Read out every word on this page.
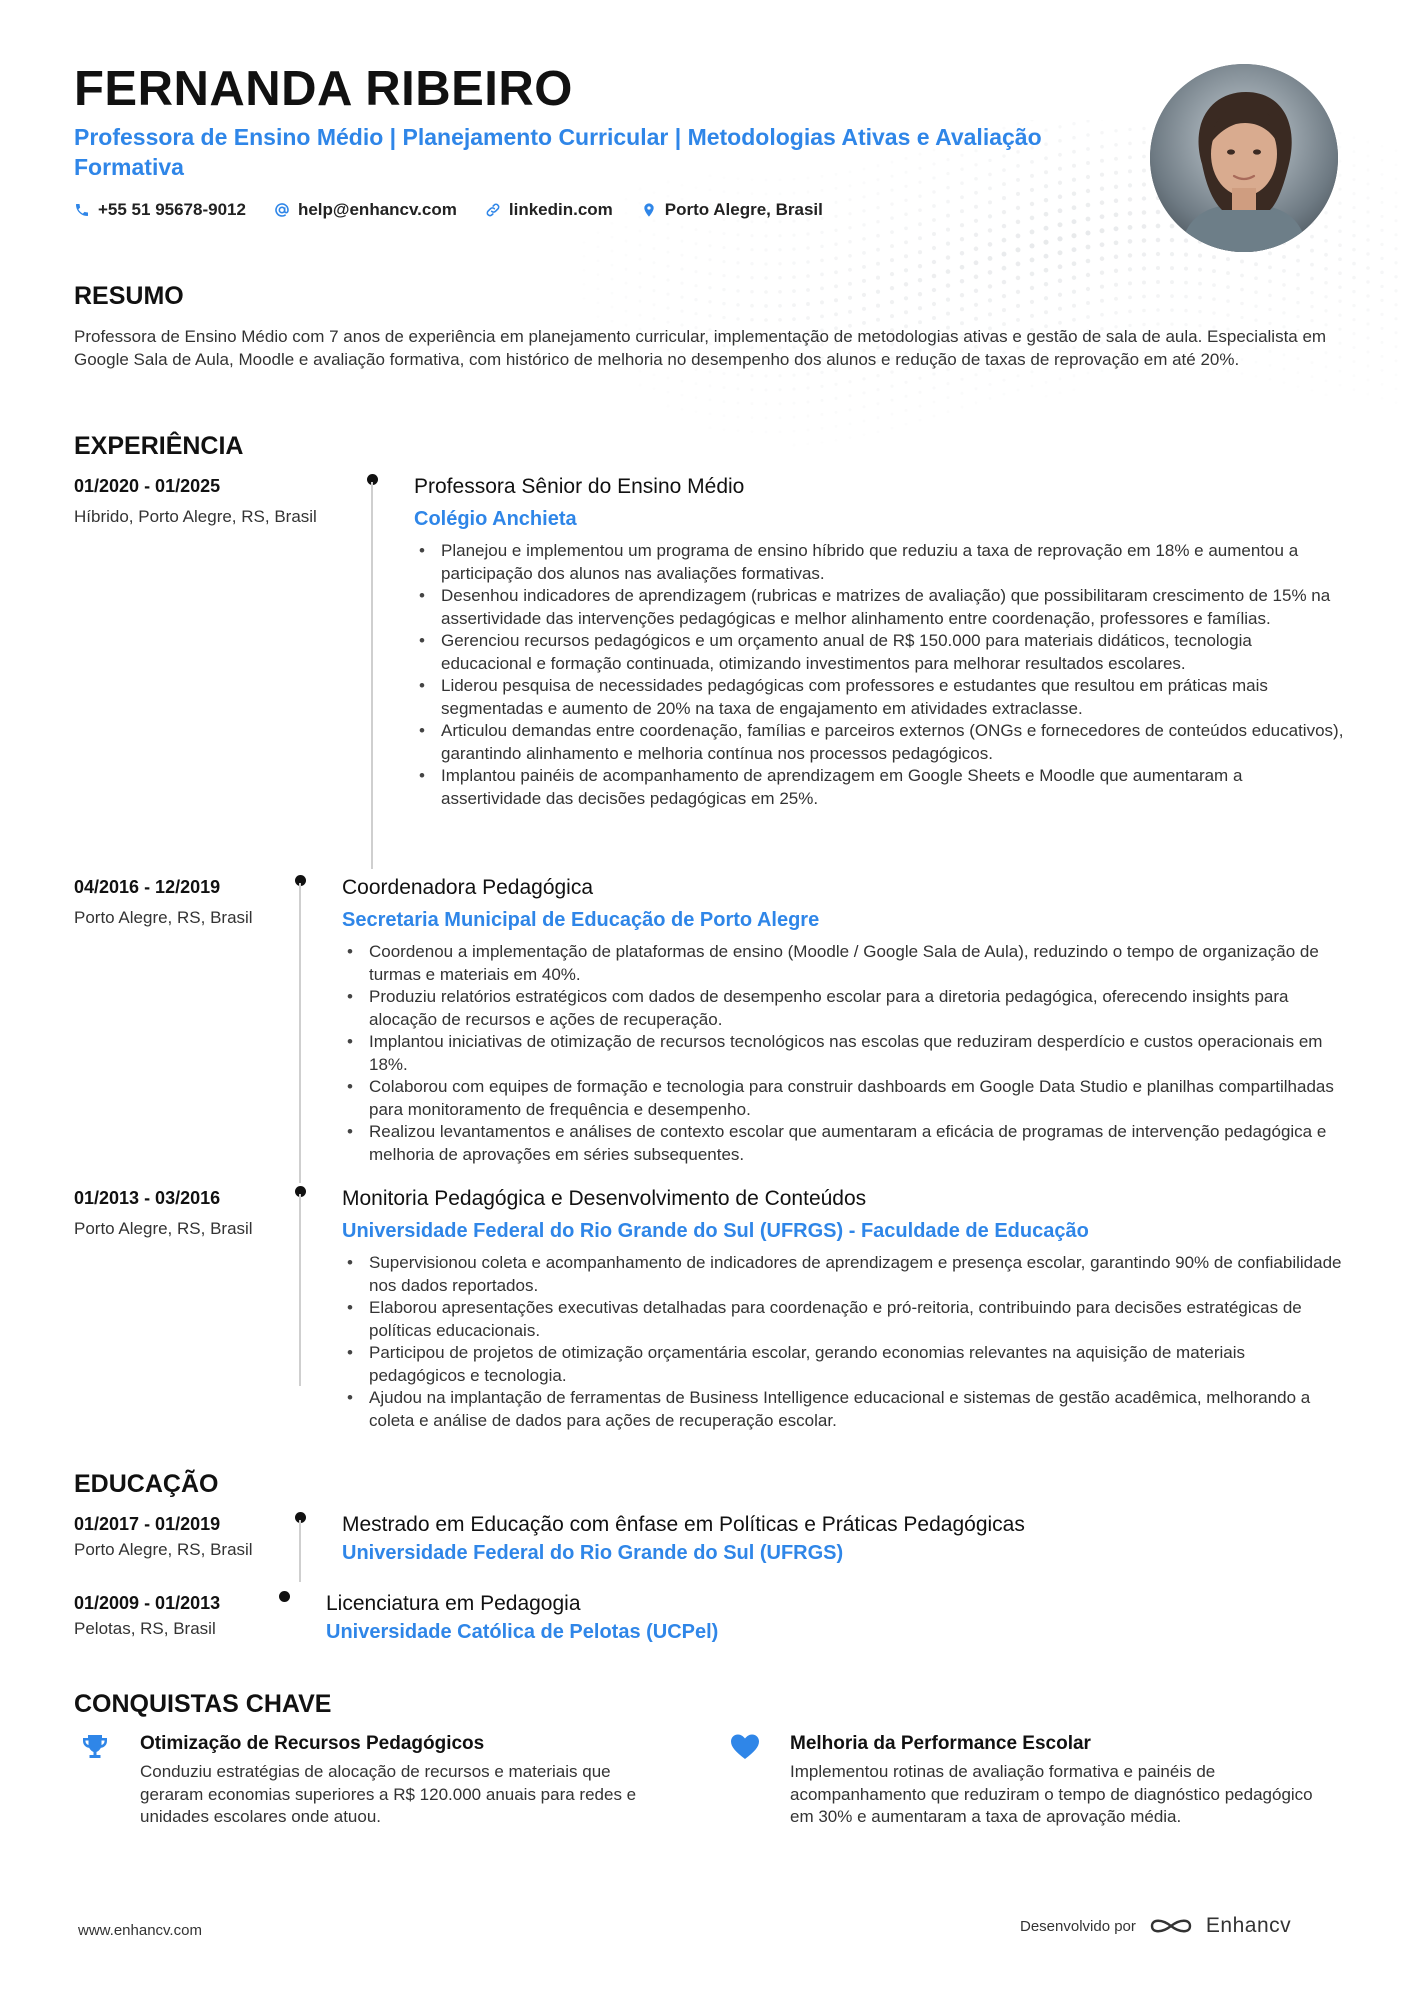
FERNANDA RIBEIRO
Professora de Ensino Médio | Planejamento Curricular | Metodologias Ativas e Avaliação Formativa
+55 51 95678-9012	help@enhancv.com	linkedin.com	Porto Alegre, Brasil
RESUMO
Professora de Ensino Médio com 7 anos de experiência em planejamento curricular, implementação de metodologias ativas e gestão de sala de aula. Especialista em Google Sala de Aula, Moodle e avaliação formativa, com histórico de melhoria no desempenho dos alunos e redução de taxas de reprovação em até 20%.
EXPERIÊNCIA
01/2020 - 01/2025
Híbrido, Porto Alegre, RS, Brasil
Professora Sênior do Ensino Médio
Colégio Anchieta
• Planejou e implementou um programa de ensino híbrido que reduziu a taxa de reprovação em 18% e aumentou a participação dos alunos nas avaliações formativas.
• Desenhou indicadores de aprendizagem (rubricas e matrizes de avaliação) que possibilitaram crescimento de 15% na assertividade das intervenções pedagógicas e melhor alinhamento entre coordenação, professores e famílias.
• Gerenciou recursos pedagógicos e um orçamento anual de R$ 150.000 para materiais didáticos, tecnologia educacional e formação continuada, otimizando investimentos para melhorar resultados escolares.
• Liderou pesquisa de necessidades pedagógicas com professores e estudantes que resultou em práticas mais segmentadas e aumento de 20% na taxa de engajamento em atividades extraclasse.
• Articulou demandas entre coordenação, famílias e parceiros externos (ONGs e fornecedores de conteúdos educativos), garantindo alinhamento e melhoria contínua nos processos pedagógicos.
• Implantou painéis de acompanhamento de aprendizagem em Google Sheets e Moodle que aumentaram a assertividade das decisões pedagógicas em 25%.
04/2016 - 12/2019
Porto Alegre, RS, Brasil
Coordenadora Pedagógica
Secretaria Municipal de Educação de Porto Alegre
• Coordenou a implementação de plataformas de ensino (Moodle / Google Sala de Aula), reduzindo o tempo de organização de turmas e materiais em 40%.
• Produziu relatórios estratégicos com dados de desempenho escolar para a diretoria pedagógica, oferecendo insights para alocação de recursos e ações de recuperação.
• Implantou iniciativas de otimização de recursos tecnológicos nas escolas que reduziram desperdício e custos operacionais em 18%.
• Colaborou com equipes de formação e tecnologia para construir dashboards em Google Data Studio e planilhas compartilhadas para monitoramento de frequência e desempenho.
• Realizou levantamentos e análises de contexto escolar que aumentaram a eficácia de programas de intervenção pedagógica e melhoria de aprovações em séries subsequentes.
01/2013 - 03/2016
Porto Alegre, RS, Brasil
Monitoria Pedagógica e Desenvolvimento de Conteúdos
Universidade Federal do Rio Grande do Sul (UFRGS) - Faculdade de Educação
• Supervisionou coleta e acompanhamento de indicadores de aprendizagem e presença escolar, garantindo 90% de confiabilidade nos dados reportados.
• Elaborou apresentações executivas detalhadas para coordenação e pró-reitoria, contribuindo para decisões estratégicas de políticas educacionais.
• Participou de projetos de otimização orçamentária escolar, gerando economias relevantes na aquisição de materiais pedagógicos e tecnologia.
• Ajudou na implantação de ferramentas de Business Intelligence educacional e sistemas de gestão acadêmica, melhorando a coleta e análise de dados para ações de recuperação escolar.
EDUCAÇÃO
01/2017 - 01/2019
Porto Alegre, RS, Brasil
Mestrado em Educação com ênfase em Políticas e Práticas Pedagógicas
Universidade Federal do Rio Grande do Sul (UFRGS)
01/2009 - 01/2013
Pelotas, RS, Brasil
Licenciatura em Pedagogia
Universidade Católica de Pelotas (UCPel)
CONQUISTAS CHAVE
Otimização de Recursos Pedagógicos
Conduziu estratégias de alocação de recursos e materiais que geraram economias superiores a R$ 120.000 anuais para redes e unidades escolares onde atuou.
Melhoria da Performance Escolar
Implementou rotinas de avaliação formativa e painéis de acompanhamento que reduziram o tempo de diagnóstico pedagógico em 30% e aumentaram a taxa de aprovação média.
www.enhancv.com	Desenvolvido por	Enhancv
